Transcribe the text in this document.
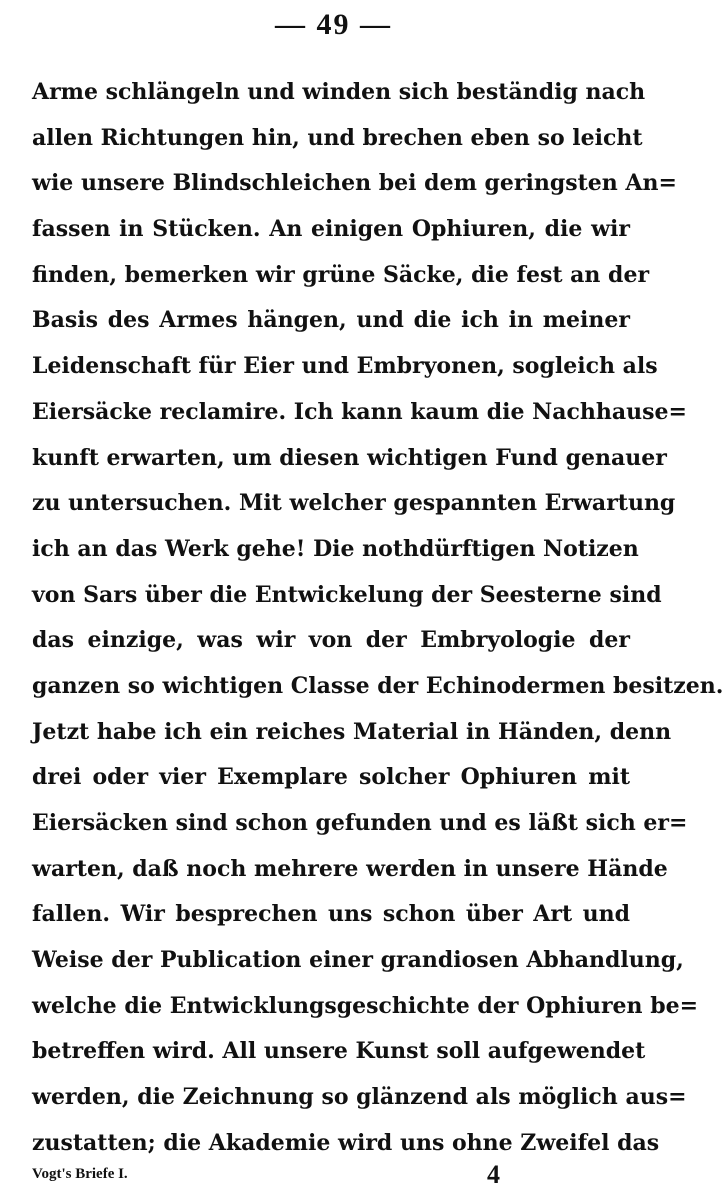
— 49 —
Arme schlängeln und winden sich beständig nach
allen Richtungen hin, und brechen eben so leicht
wie unsere Blindschleichen bei dem geringsten An=
fassen in Stücken. An einigen Ophiuren, die wir
finden, bemerken wir grüne Säcke, die fest an der
Basis des Armes hängen, und die ich in meiner
Leidenschaft für Eier und Embryonen, sogleich als
Eiersäcke reclamire. Ich kann kaum die Nachhause=
kunft erwarten, um diesen wichtigen Fund genauer
zu untersuchen. Mit welcher gespannten Erwartung
ich an das Werk gehe! Die nothdürftigen Notizen
von Sars über die Entwickelung der Seesterne sind
das einzige, was wir von der Embryologie der
ganzen so wichtigen Classe der Echinodermen besitzen.
Jetzt habe ich ein reiches Material in Händen, denn
drei oder vier Exemplare solcher Ophiuren mit
Eiersäcken sind schon gefunden und es läßt sich er=
warten, daß noch mehrere werden in unsere Hände
fallen. Wir besprechen uns schon über Art und
Weise der Publication einer grandiosen Abhandlung,
welche die Entwicklungsgeschichte der Ophiuren be=
betreffen wird. All unsere Kunst soll aufgewendet
werden, die Zeichnung so glänzend als möglich aus=
zustatten; die Akademie wird uns ohne Zweifel das
Vogt's Briefe I.	4
